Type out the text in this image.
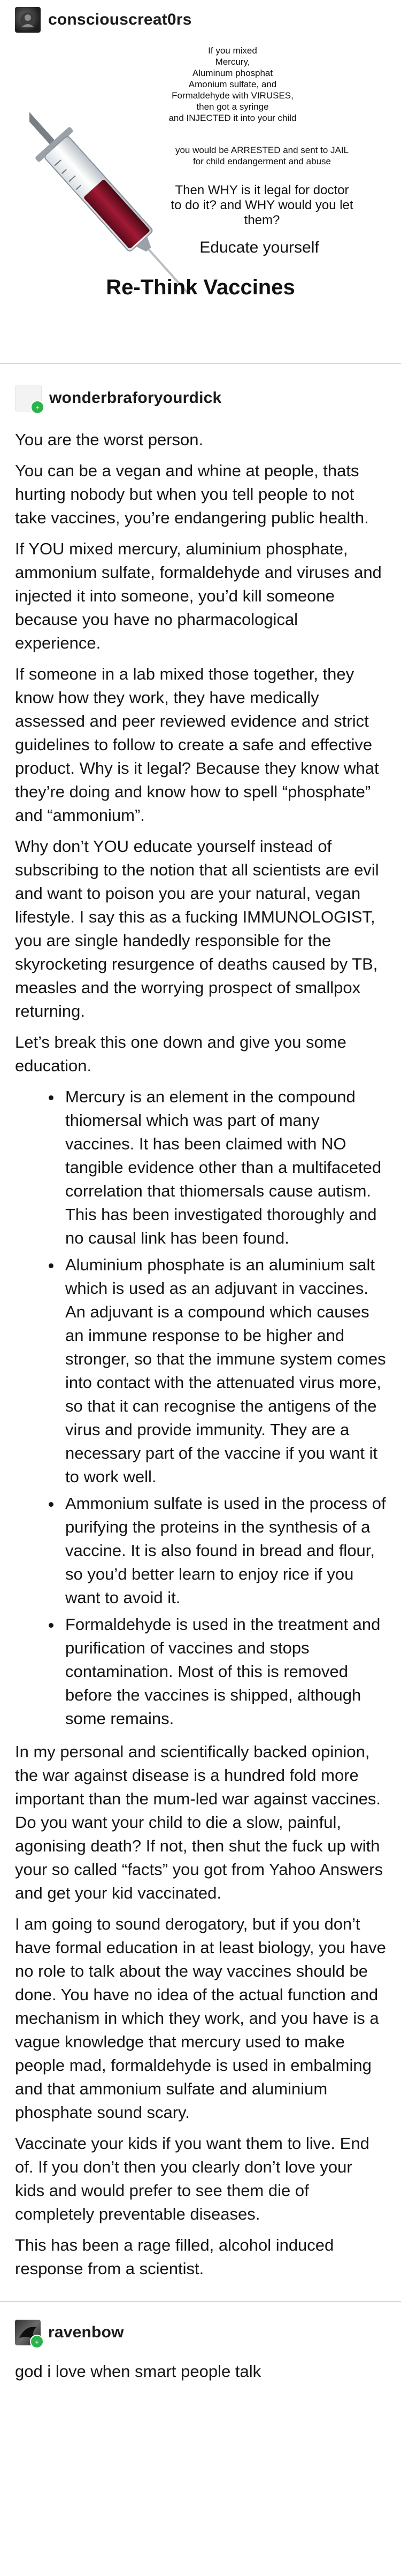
consciouscreat0rs
If you mixed
Mercury,
Aluminum phosphat
Amonium sulfate, and
Formaldehyde with VIRUSES,
then got a syringe
and INJECTED it into your child
you would be ARRESTED and sent to JAIL
for child endangerment and abuse
Then WHY is it legal for doctor
to do it? and WHY would you let
them?
Educate yourself
Re-Think Vaccines
+
wonderbraforyourdick

You are the worst person.

You can be a vegan and whine at people, thats hurting nobody but when you tell people to not take vaccines, you’re endangering public health.

If YOU mixed mercury, aluminium phosphate, ammonium sulfate, formaldehyde and viruses and injected it into someone, you’d kill someone because you have no pharmacological experience.

If someone in a lab mixed those together, they know how they work, they have medically assessed and peer reviewed evidence and strict guidelines to follow to create a safe and effective product. Why is it legal? Because they know what they’re doing and know how to spell “phosphate” and “ammonium”.

Why don’t YOU educate yourself instead of subscribing to the notion that all scientists are evil and want to poison you are your natural, vegan lifestyle. I say this as a fucking IMMUNOLOGIST, you are single handedly responsible for the skyrocketing resurgence of deaths caused by TB, measles and the worrying prospect of smallpox returning.

Let’s break this one down and give you some education.

• Mercury is an element in the compound thiomersal which was part of many vaccines. It has been claimed with NO tangible evidence other than a multifaceted correlation that thiomersals cause autism. This has been investigated thoroughly and no causal link has been found.
• Aluminium phosphate is an aluminium salt which is used as an adjuvant in vaccines. An adjuvant is a compound which causes an immune response to be higher and stronger, so that the immune system comes into contact with the attenuated virus more, so that it can recognise the antigens of the virus and provide immunity. They are a necessary part of the vaccine if you want it to work well.
• Ammonium sulfate is used in the process of purifying the proteins in the synthesis of a vaccine. It is also found in bread and flour, so you’d better learn to enjoy rice if you want to avoid it.
• Formaldehyde is used in the treatment and purification of vaccines and stops contamination. Most of this is removed before the vaccines is shipped, although some remains.

In my personal and scientifically backed opinion, the war against disease is a hundred fold more important than the mum-led war against vaccines. Do you want your child to die a slow, painful, agonising death? If not, then shut the fuck up with your so called “facts” you got from Yahoo Answers and get your kid vaccinated.

I am going to sound derogatory, but if you don’t have formal education in at least biology, you have no role to talk about the way vaccines should be done. You have no idea of the actual function and mechanism in which they work, and you have is a vague knowledge that mercury used to make people mad, formaldehyde is used in embalming and that ammonium sulfate and aluminium phosphate sound scary.

Vaccinate your kids if you want them to live. End of. If you don’t then you clearly don’t love your kids and would prefer to see them die of completely preventable diseases.

This has been a rage filled, alcohol induced response from a scientist.

+
ravenbow

god i love when smart people talk
